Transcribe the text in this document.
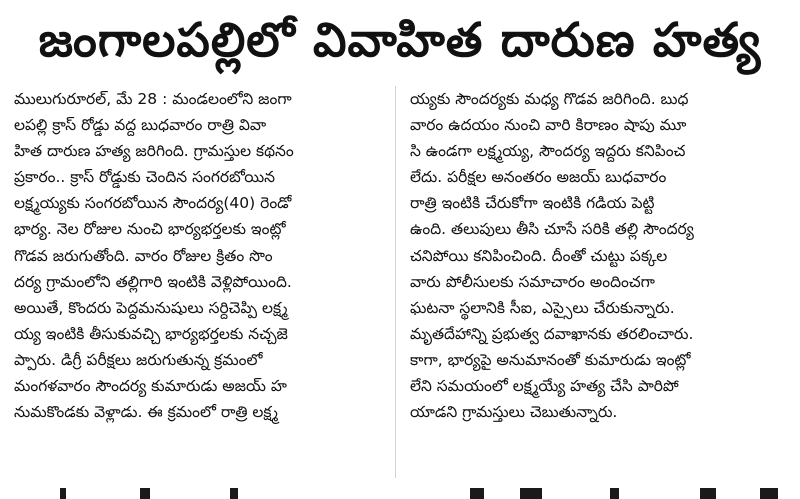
జంగాలపల్లిలో వివాహిత దారుణ హత్య
ములుగురూరల్‌, మే 28 : మండలంలోని జంగా
లపల్లి క్రాస్‌ రోడ్డు వద్ద బుధవారం రాత్రి వివా
హిత దారుణ హత్య జరిగింది. గ్రామస్తుల కథనం
ప్రకారం.. క్రాస్‌ రోడ్డుకు చెందిన సంగరబోయిన
లక్ష్మయ్యకు సంగరబోయిన సౌందర్య(40) రెండో
భార్య. నెల రోజుల నుంచి భార్యభర్తలకు ఇంట్లో
గొడవ జరుగుతోంది. వారం రోజుల క్రితం సొం
దర్య గ్రామంలోని తల్లిగారి ఇంటికి వెళ్లిపోయింది.
అయితే, కొందరు పెద్దమనుషులు సర్దిచెప్పి లక్ష్మ
య్య ఇంటికి తీసుకువచ్చి భార్యభర్తలకు నచ్చజె
ప్పారు. డిగ్రీ పరీక్షలు జరుగుతున్న క్రమంలో
మంగళవారం సౌందర్య కుమారుడు అజయ్‌ హ
నుమకొండకు వెళ్లాడు. ఈ క్రమంలో రాత్రి లక్ష్మ
య్యకు సౌందర్యకు మధ్య గొడవ జరిగింది. బుధ
వారం ఉదయం నుంచి వారి కిరాణం షాపు మూ
సి ఉండగా లక్ష్మయ్య, సౌందర్య ఇద్దరు కనిపించ
లేదు. పరీక్షల అనంతరం అజయ్‌ బుధవారం
రాత్రి ఇంటికి చేరుకోగా ఇంటికి గడియ పెట్టి
ఉంది. తలుపులు తీసి చూసే సరికి తల్లి సౌందర్య
చనిపోయి కనిపించింది. దీంతో చుట్టు పక్కల
వారు పోలీసులకు సమాచారం అందించగా
ఘటనా స్థలానికి సీఐ, ఎస్సైలు చేరుకున్నారు.
మృతదేహాన్ని ప్రభుత్వ దవాఖానకు తరలించారు.
కాగా, భార్యపై అనుమానంతో కుమారుడు ఇంట్లో
లేని సమయంలో లక్ష్మయ్యే హత్య చేసి పారిపో
యాడని గ్రామస్తులు చెబుతున్నారు.
